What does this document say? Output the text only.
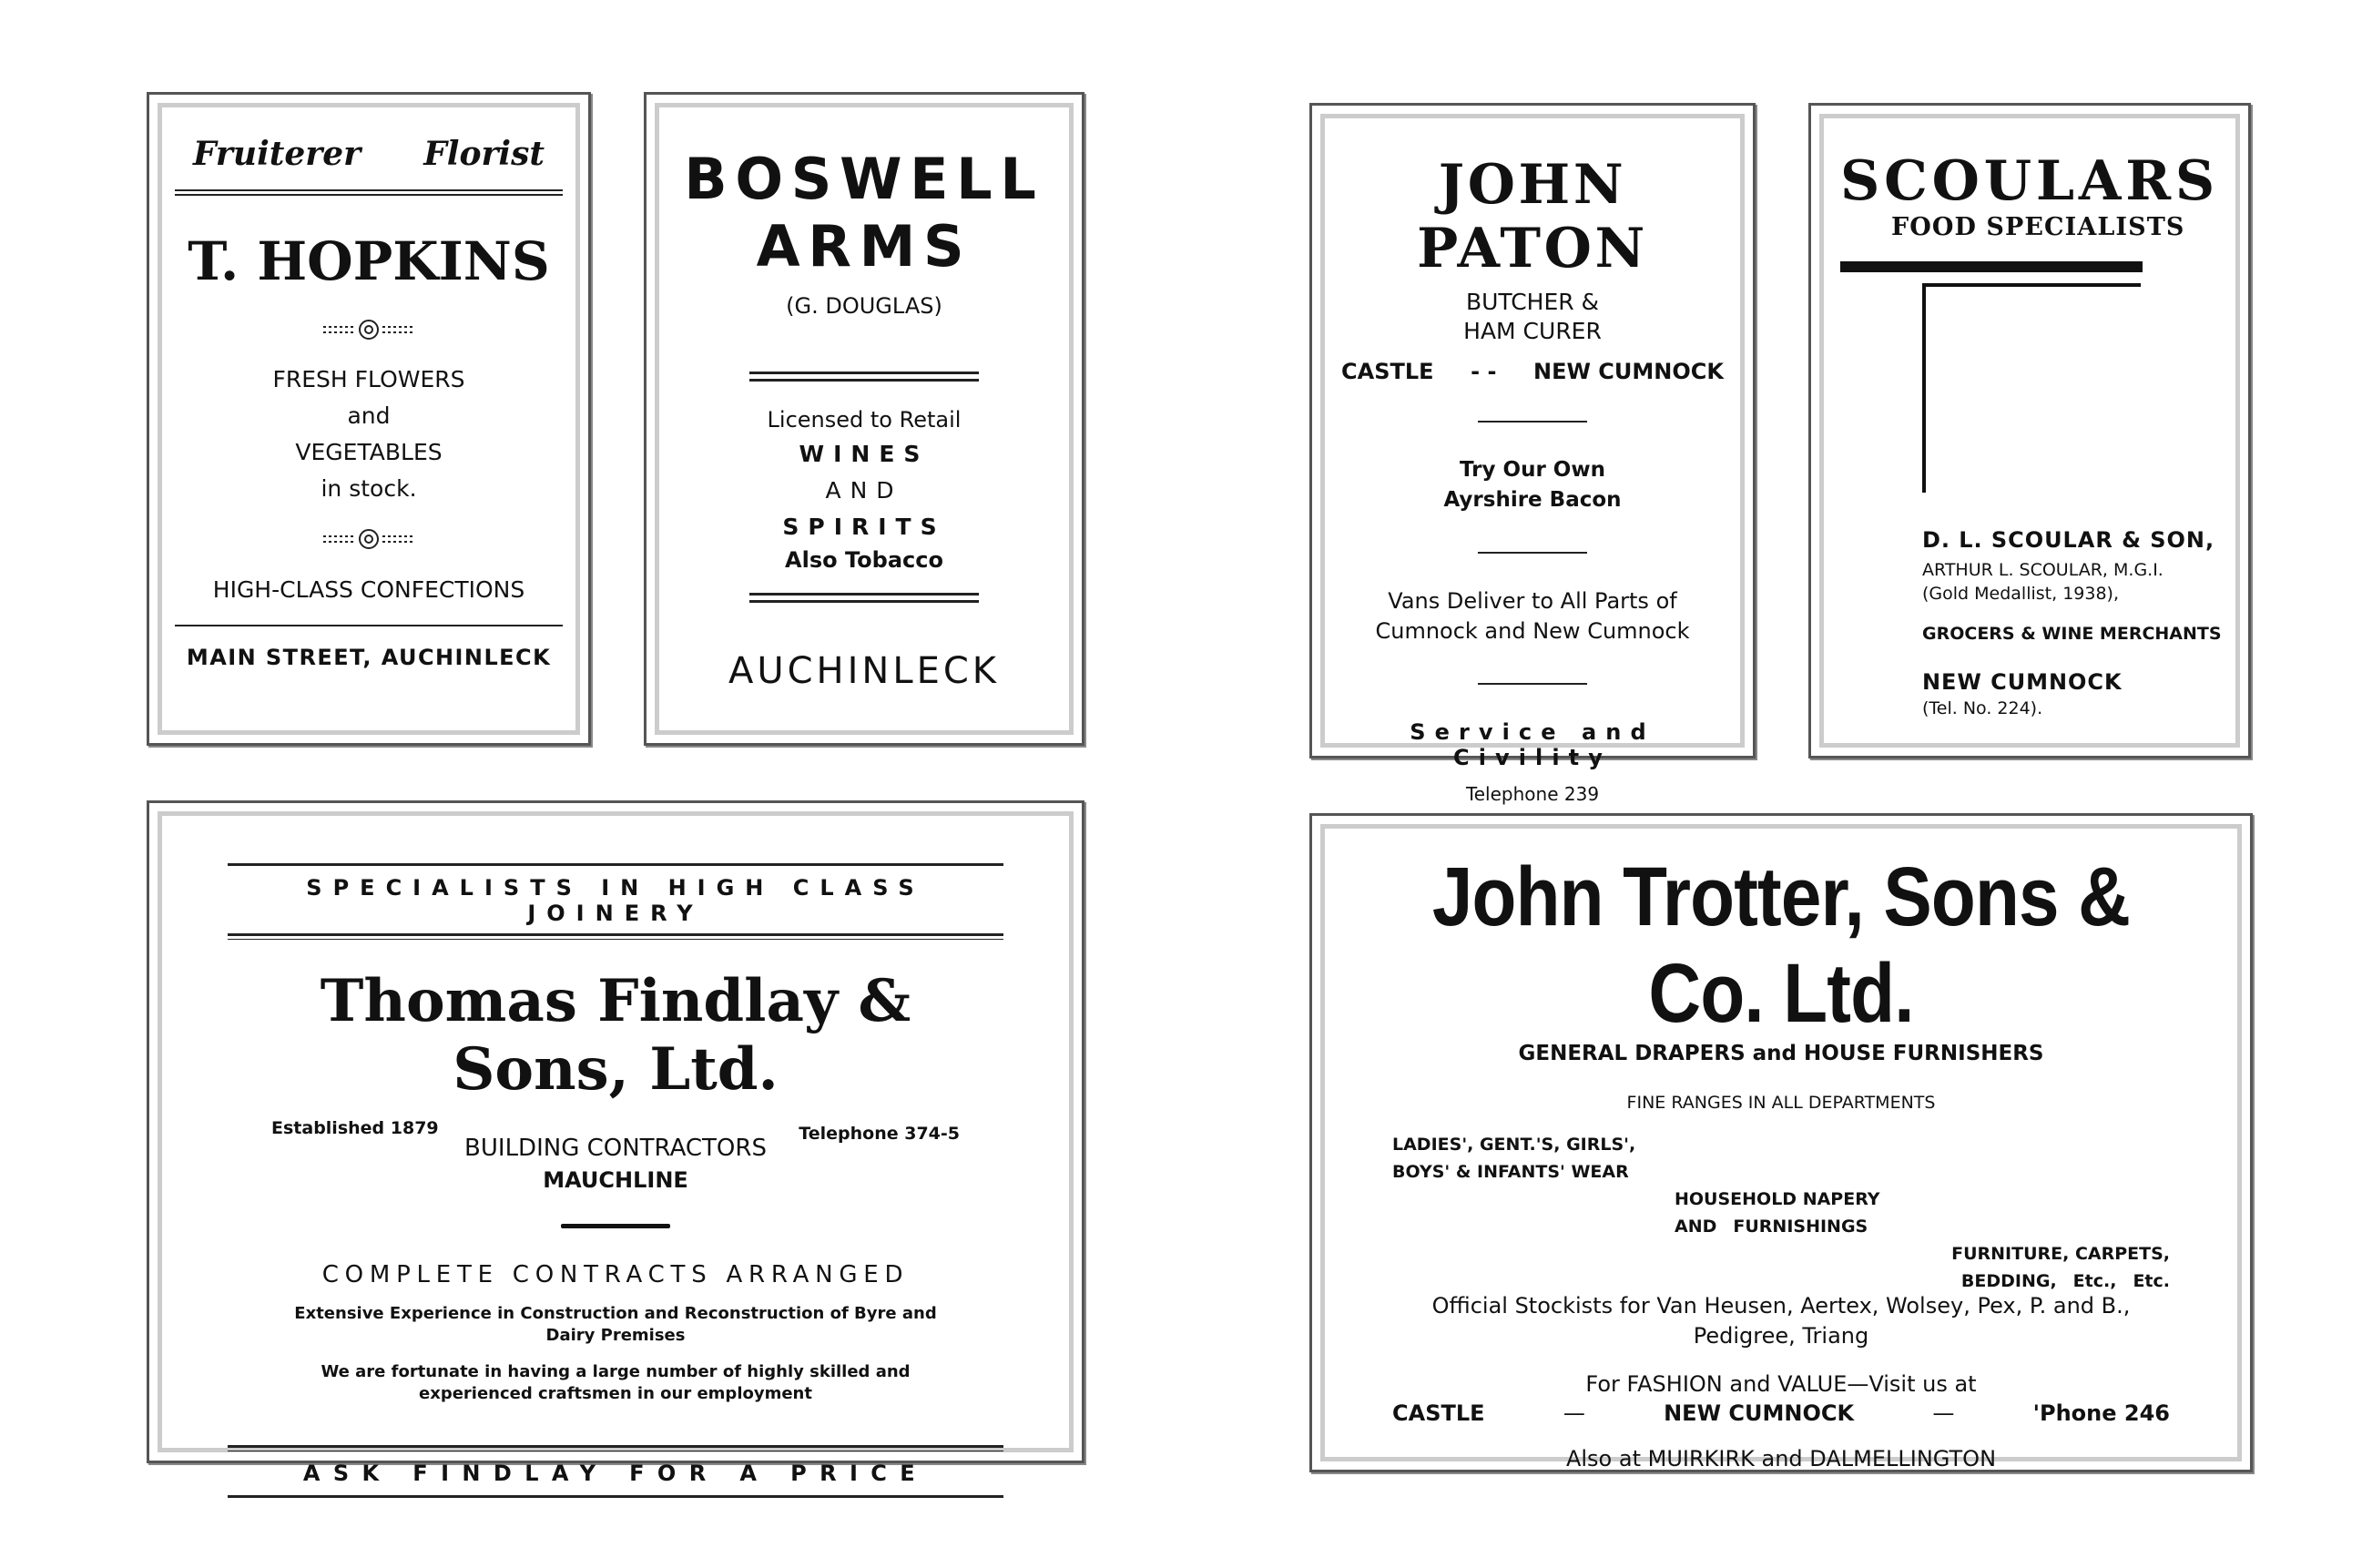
Fruiterer Florist
T. HOPKINS

FRESH FLOWERS

and

VEGETABLES

in stock.

HIGH-CLASS CONFECTIONS
MAIN STREET, AUCHINLECK

BOSWELL

ARMS

(G. DOUGLAS)
Licensed to Retail

WINES

AND

SPIRITS

Also Tobacco
AUCHINLECK
JOHN PATON

BUTCHER &

HAM CURER

CASTLE - - NEW CUMNOCK

Try Our Own

Ayrshire Bacon

Vans Deliver to All Parts of

Cumnock and New Cumnock

Service and Civility
Telephone 239
SCOULARS
FOOD SPECIALISTS
D. L. SCOULAR & SON,
ARTHUR L. SCOULAR, M.G.I.
(Gold Medallist, 1938),
GROCERS & WINE MERCHANTS
NEW CUMNOCK
(Tel. No. 224).
SPECIALISTS IN HIGH CLASS JOINERY
Thomas Findlay & Sons, Ltd.
Established 1879	Telephone 374-5
BUILDING CONTRACTORS
MAUCHLINE
COMPLETE CONTRACTS ARRANGED
Extensive Experience in Construction and Reconstruction of Byre and Dairy Premises
We are fortunate in having a large number of highly skilled and experienced craftsmen in our employment
ASK FINDLAY FOR A PRICE
John Trotter, Sons & Co. Ltd.
GENERAL DRAPERS and HOUSE FURNISHERS
FINE RANGES IN ALL DEPARTMENTS

LADIES', GENT.'S, GIRLS',

BOYS' & INFANTS' WEAR

HOUSEHOLD NAPERY

AND FURNISHINGS

FURNITURE, CARPETS,

BEDDING, Etc., Etc.

Official Stockists for Van Heusen, Aertex, Wolsey, Pex, P. and B.,

Pedigree, Triang

For FASHION and VALUE—Visit us at
CASTLE	—	NEW CUMNOCK	—	'Phone 246
Also at MUIRKIRK and DALMELLINGTON
